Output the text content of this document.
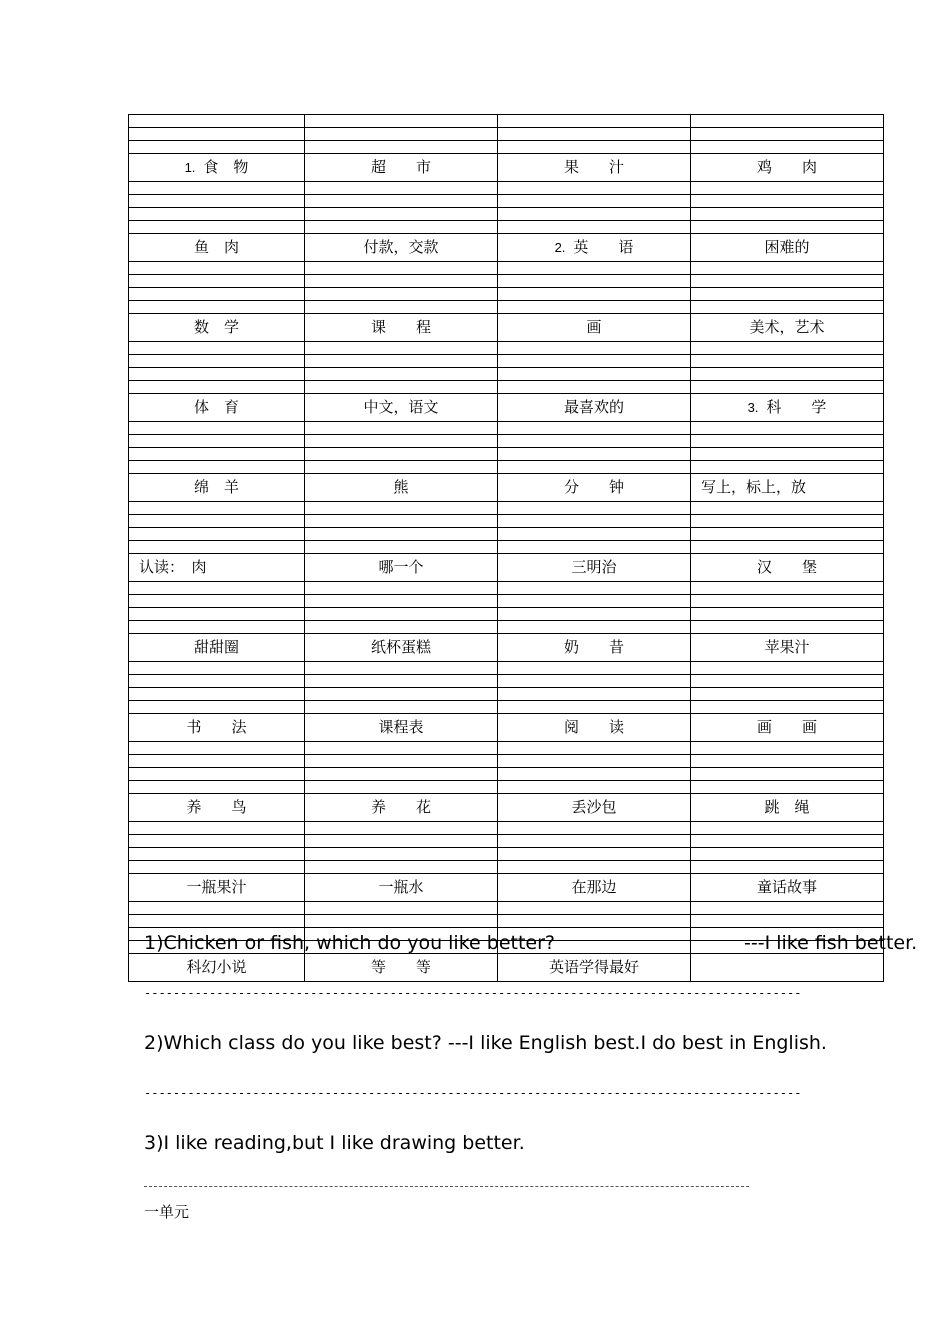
1. 食　物	超　　市	果　　汁	鸡　　肉

鱼　肉	付款，交款	2. 英　　语	困难的

数　学	课　　程	画	美术，艺术

体　育	中文，语文	最喜欢的	3. 科　　学

绵　羊	熊	分　　钟	写上，标上，放

认读：　肉	哪一个	三明治	汉　　堡

甜甜圈	纸杯蛋糕	奶　　昔	苹果汁

书　　法	课程表	阅　　读	画　　画

养　　鸟	养　　花	丢沙包	跳　绳

一瓶果汁	一瓶水	在那边	童话故事

科幻小说	等　　等	英语学得最好	
1)Chicken or fish, which do you like better?	---I like fish better.
-------------------------------------------------------------------------------------------
2)Which class do you like best? ---I like English best.I do best in English.
-------------------------------------------------------------------------------------------
3)I like reading,but I like drawing better.
一单元
